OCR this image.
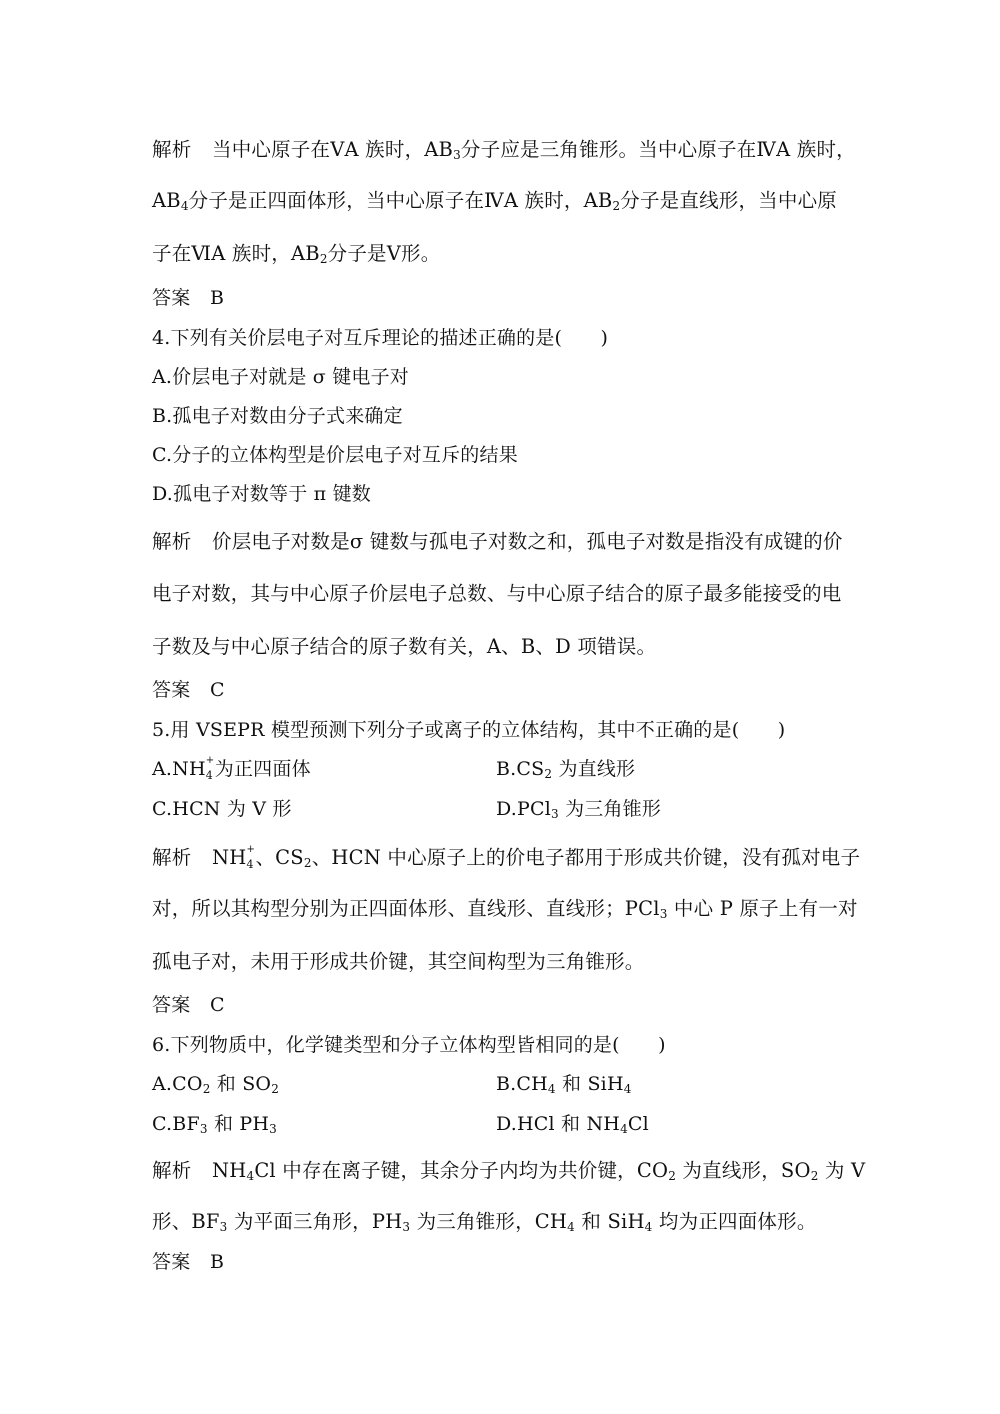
解析 当中心原子在ⅤA 族时，$AB_3$分子应是三角锥形。当中心原子在ⅣA 族时，
$AB_4$分子是正四面体形，当中心原子在ⅣA 族时，$AB_2$分子是直线形，当中心原
子在ⅥA 族时，$AB_2$分子是Ⅴ形。
答案 B
4.下列有关价层电子对互斥理论的描述正确的是(　　)
A.价层电子对就是 σ 键电子对
B.孤电子对数由分子式来确定
C.分子的立体构型是价层电子对互斥的结果
D.孤电子对数等于 π 键数
解析 价层电子对数是σ 键数与孤电子对数之和，孤电子对数是指没有成键的价
电子对数，其与中心原子价层电子总数、与中心原子结合的原子最多能接受的电
子数及与中心原子结合的原子数有关，A、B、D 项错误。
答案 C
5.用 VSEPR 模型预测下列分子或离子的立体结构，其中不正确的是(　　)
A.NH +
4 为正四面体	$B.CS_2$ 为直线形
C.HCN 为 V 形	D.PCl$_3$ 为三角锥形
解析 NH +
4 、$CS_2$、HCN 中心原子上的价电子都用于形成共价键，没有孤对电子
对，所以其构型分别为正四面体形、直线形、直线形；PCl$_3$ 中心 P 原子上有一对
孤电子对，未用于形成共价键，其空间构型为三角锥形。
答案 C
6.下列物质中，化学键类型和分子立体构型皆相同的是(　　)
$A.CO_2$ 和 $SO_2$	$B.CH_4$ 和 SiH$_4$
$C.BF_3$ 和 $PH_3$	D.HCl 和 $NH_4Cl$
解析 $NH_4Cl$ 中存在离子键，其余分子内均为共价键，$CO_2$ 为直线形，$SO_2$ 为 V
形、$BF_3$ 为平面三角形，$PH_3$ 为三角锥形，$CH_4$ 和 SiH$_4$ 均为正四面体形。
答案 B
